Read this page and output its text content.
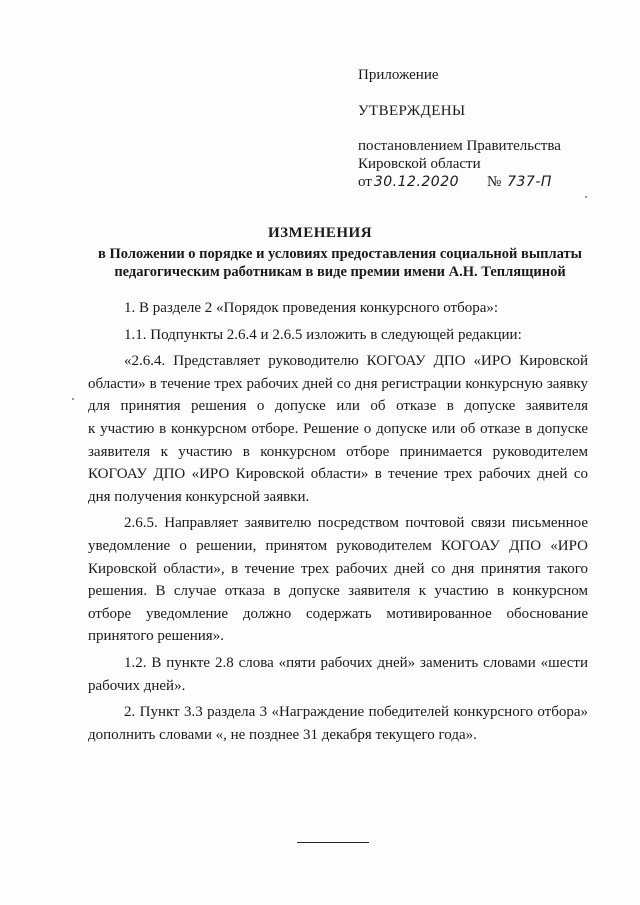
Приложение
УТВЕРЖДЕНЫ
постановлением Правительства
Кировской области
от 30.12.2020 № 737-П
ИЗМЕНЕНИЯ
в Положении о порядке и условиях предоставления социальной выплаты
педагогическим работникам в виде премии имени А.Н. Теплящиной
1. В разделе 2 «Порядок проведения конкурсного отбора»:
1.1. Подпункты 2.6.4 и 2.6.5 изложить в следующей редакции:
«2.6.4. Представляет руководителю КОГОАУ ДПО «ИРО Кировской
области» в течение трех рабочих дней со дня регистрации конкурсную заявку
для принятия решения о допуске или об отказе в допуске заявителя
к участию в конкурсном отборе. Решение о допуске или об отказе в допуске
заявителя к участию в конкурсном отборе принимается руководителем
КОГОАУ ДПО «ИРО Кировской области» в течение трех рабочих дней со
дня получения конкурсной заявки.
2.6.5. Направляет заявителю посредством почтовой связи письменное
уведомление о решении, принятом руководителем КОГОАУ ДПО «ИРО
Кировской области», в течение трех рабочих дней со дня принятия такого
решения. В случае отказа в допуске заявителя к участию в конкурсном
отборе уведомление должно содержать мотивированное обоснование
принятого решения».
1.2. В пункте 2.8 слова «пяти рабочих дней» заменить словами «шести
рабочих дней».
2. Пункт 3.3 раздела 3 «Награждение победителей конкурсного отбора»
дополнить словами «, не позднее 31 декабря текущего года».
